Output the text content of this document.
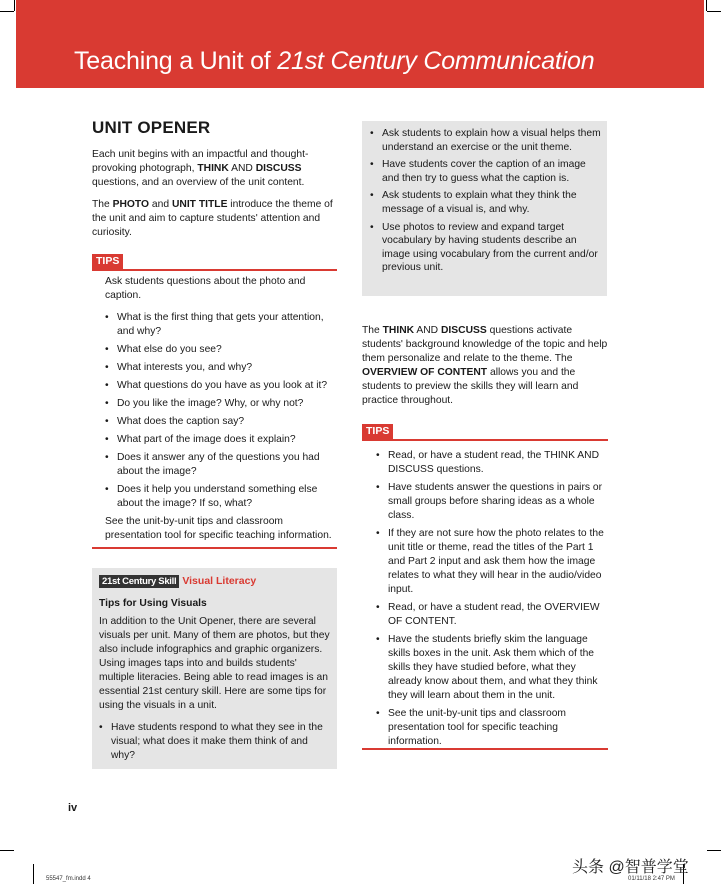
Teaching a Unit of 21st Century Communication
UNIT OPENER

Each unit begins with an impactful and thought-provoking photograph, THINK AND DISCUSS questions, and an overview of the unit content.

The PHOTO and UNIT TITLE introduce the theme of the unit and aim to capture students' attention and curiosity.

TIPS

Ask students questions about the photo and caption.

• What is the first thing that gets your attention, and why?
• What else do you see?
• What interests you, and why?
• What questions do you have as you look at it?
• Do you like the image? Why, or why not?
• What does the caption say?
• What part of the image does it explain?
• Does it answer any of the questions you had about the image?
• Does it help you understand something else about the image? If so, what?

See the unit-by-unit tips and classroom presentation tool for specific teaching information.

21st Century Skill Visual Literacy

Tips for Using Visuals

In addition to the Unit Opener, there are several visuals per unit. Many of them are photos, but they also include infographics and graphic organizers. Using images taps into and builds students' multiple literacies. Being able to read images is an essential 21st century skill. Here are some tips for using the visuals in a unit.

• Have students respond to what they see in the visual; what does it make them think of and why?
• Ask students to explain how a visual helps them understand an exercise or the unit theme.
• Have students cover the caption of an image and then try to guess what the caption is.
• Ask students to explain what they think the message of a visual is, and why.
• Use photos to review and expand target vocabulary by having students describe an image using vocabulary from the current and/or previous unit.

The THINK AND DISCUSS questions activate students' background knowledge of the topic and help them personalize and relate to the theme. The OVERVIEW OF CONTENT allows you and the students to preview the skills they will learn and practice throughout.

TIPS
• Read, or have a student read, the THINK AND DISCUSS questions.
• Have students answer the questions in pairs or small groups before sharing ideas as a whole class.
• If they are not sure how the photo relates to the unit title or theme, read the titles of the Part 1 and Part 2 input and ask them how the image relates to what they will hear in the audio/video input.
• Read, or have a student read, the OVERVIEW OF CONTENT.
• Have the students briefly skim the language skills boxes in the unit. Ask them which of the skills they have studied before, what they already know about them, and what they think they will learn about them in the unit.
• See the unit-by-unit tips and classroom presentation tool for specific teaching information.
iv
55547_fm.indd 4	01/11/18 2:47 PM
头条 @智普学堂
